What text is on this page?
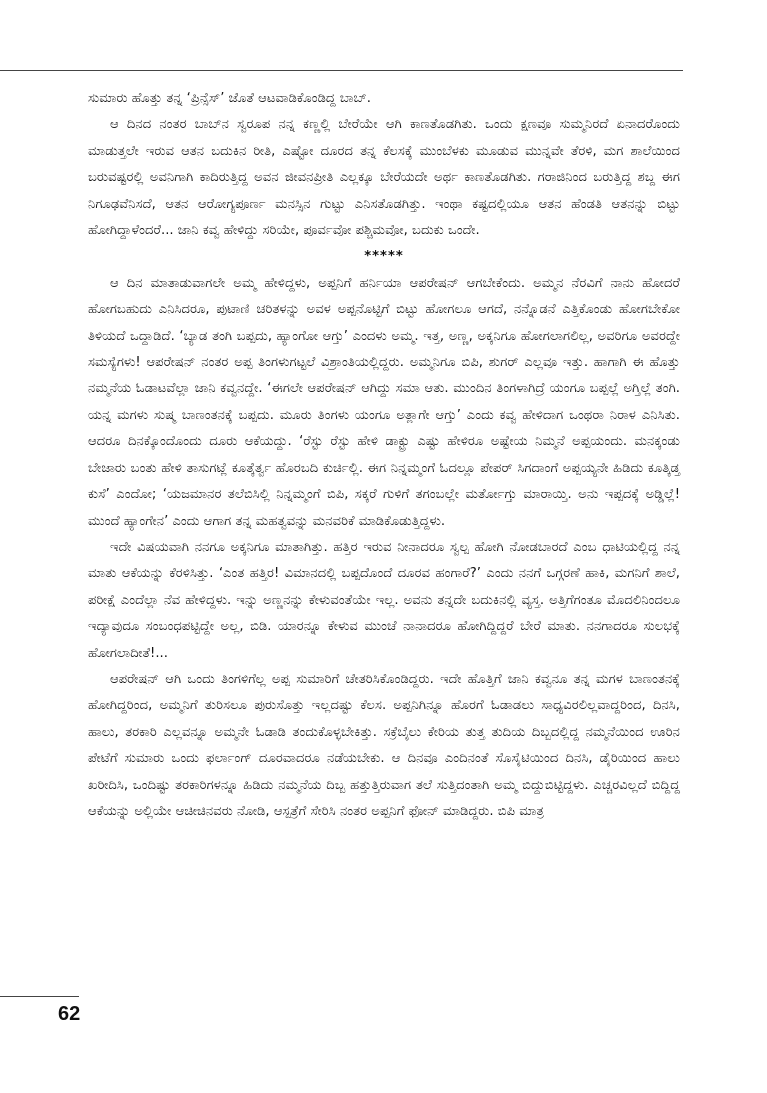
ಸುಮಾರು ಹೊತ್ತು ತನ್ನ ‘ಪ್ರಿನ್ಸೆಸ್’ ಜೊತೆ ಆಟವಾಡಿಕೊಂಡಿದ್ದ ಬಾಬ್.

ಆ ದಿನದ ನಂತರ ಬಾಬ್‌ನ ಸ್ವರೂಪ ನನ್ನ ಕಣ್ಣಲ್ಲಿ ಬೇರೆಯೇ ಆಗಿ ಕಾಣತೊಡಗಿತು. ಒಂದು ಕ್ಷಣವೂ ಸುಮ್ಮನಿರದೆ ಏನಾದರೊಂದು ಮಾಡುತ್ತಲೇ ಇರುವ ಆತನ ಬದುಕಿನ ರೀತಿ, ಎಷ್ಟೋ ದೂರದ ತನ್ನ ಕೆಲಸಕ್ಕೆ ಮುಂಬೆಳಕು ಮೂಡುವ ಮುನ್ನವೇ ತೆರಳಿ, ಮಗ ಶಾಲೆಯಿಂದ ಬರುವಷ್ಟರಲ್ಲಿ ಅವನಿಗಾಗಿ ಕಾದಿರುತ್ತಿದ್ದ ಅವನ ಜೀವನಪ್ರೀತಿ ಎಲ್ಲಕ್ಕೂ ಬೇರೆಯದೇ ಅರ್ಥ ಕಾಣತೊಡಗಿತು. ಗರಾಜಿನಿಂದ ಬರುತ್ತಿದ್ದ ಶಬ್ದ ಈಗ ನಿಗೂಢವೆನಿಸದೆ, ಆತನ ಆರೋಗ್ಯಪೂರ್ಣ ಮನಸ್ಸಿನ ಗುಟ್ಟು ಎನಿಸತೊಡಗಿತ್ತು. ಇಂಥಾ ಕಷ್ಟದಲ್ಲಿಯೂ ಆತನ ಹೆಂಡತಿ ಆತನನ್ನು ಬಿಟ್ಟು ಹೋಗಿದ್ದಾಳೆಂದರೆ... ಜಾನಿ ಕವ್ವ ಹೇಳಿದ್ದು ಸರಿಯೇ, ಪೂರ್ವವೋ ಪಶ್ಚಿಮವೋ, ಬದುಕು ಒಂದೇ.

*****

ಆ ದಿನ ಮಾತಾಡುವಾಗಲೇ ಅಮ್ಮ ಹೇಳಿದ್ದಳು, ಅಪ್ಪನಿಗೆ ಹರ್ನಿಯಾ ಆಪರೇಷನ್ ಆಗಬೇಕೆಂದು. ಅಮ್ಮನ ನೆರವಿಗೆ ನಾನು ಹೋದರೆ ಹೋಗಬಹುದು ಎನಿಸಿದರೂ, ಪುಟಾಣಿ ಚರಿತಳನ್ನು ಅವಳ ಅಪ್ಪನೊಟ್ಟಿಗೆ ಬಿಟ್ಟು ಹೋಗಲೂ ಆಗದೆ, ನನ್ನೊಡನೆ ಎತ್ತಿಕೊಂಡು ಹೋಗಬೇಕೋ ತಿಳಿಯದೆ ಒದ್ದಾಡಿದೆ. ‘ಬ್ಯಾಡ ತಂಗಿ ಬಪ್ಪದು, ಹ್ಯಾಂಗೋ ಆಗ್ತು’ ಎಂದಳು ಅಮ್ಮ. ಇತ್ತ, ಅಣ್ಣ, ಅಕ್ಕನಿಗೂ ಹೋಗಲಾಗಲಿಲ್ಲ, ಅವರಿಗೂ ಅವರದ್ದೇ ಸಮಸ್ಯೆಗಳು! ಆಪರೇಷನ್ ನಂತರ ಅಪ್ಪ ತಿಂಗಳುಗಟ್ಟಲೆ ವಿಶ್ರಾಂತಿಯಲ್ಲಿದ್ದರು. ಅಮ್ಮನಿಗೂ ಬಿಪಿ, ಶುಗರ್ ಎಲ್ಲವೂ ಇತ್ತು. ಹಾಗಾಗಿ ಈ ಹೊತ್ತು ನಮ್ಮನೆಯ ಓಡಾಟವೆಲ್ಲಾ ಜಾನಿ ಕವ್ವನದ್ದೇ. ‘ಈಗಲೇ ಆಪರೇಷನ್ ಆಗಿದ್ದು ಸಮಾ ಆತು. ಮುಂದಿನ ತಿಂಗಳಾಗಿದ್ರೆ ಯಂಗೂ ಬಪ್ಪಲ್ಲೆ ಅಗ್ತಿಲ್ಲೆ ತಂಗಿ. ಯನ್ನ ಮಗಳು ಸುಷ್ಮ ಬಾಣಂತನಕ್ಕೆ ಬಪ್ಪದು. ಮೂರು ತಿಂಗಳು ಯಂಗೂ ಅತ್ಲಾಗೇ ಆಗ್ತು’ ಎಂದು ಕವ್ವ ಹೇಳಿದಾಗ ಒಂಥರಾ ನಿರಾಳ ಎನಿಸಿತು. ಆದರೂ ದಿನಕ್ಕೊಂದೊಂದು ದೂರು ಆಕೆಯದ್ದು. ‘ರೆಸ್ಟು ರೆಸ್ಟು ಹೇಳಿ ಡಾಕ್ಟ್ರು ಎಷ್ಟು ಹೇಳಿರೂ ಅಷ್ಟೇಯ ನಿಮ್ಮನೆ ಅಪ್ಪಯಂದು. ಮನಕ್ಕಂಡು ಬೇಜಾರು ಬಂತು ಹೇಳಿ ತಾಸುಗಟ್ಲೆ ಕೂತ್ಕೆರ್ತ್ವ ಹೊರಬದಿ ಕುರ್ಚಿಲ್ಲಿ. ಈಗ ನಿನ್ನಮ್ಮಂಗೆ ಓದಲ್ಲೂ ಪೇಪರ್ ಸಿಗದಾಂಗೆ ಅಪ್ಪಯ್ಯನೇ ಹಿಡಿದು ಕೂತ್ಕಿಡ್ತ ಕುಸೆ’ ಎಂದೋ; ‘ಯಜಮಾನರ ತಲೆಬಿಸಿಲ್ಲಿ ನಿನ್ನಮ್ಮಂಗೆ ಬಿಪಿ, ಸಕ್ಕರೆ ಗುಳಿಗೆ ತಗಂಬಲ್ಲೇ ಮರ್ತೋಗ್ತು ಮಾರಾಯ್ತಿ. ಅನು ಇಪ್ಪದಕ್ಕೆ ಅಡ್ಡಿಲ್ಲೆ! ಮುಂದೆ ಹ್ಯಾಂಗೇನ’ ಎಂದು ಆಗಾಗ ತನ್ನ ಮಹತ್ವವನ್ನು ಮನವರಿಕೆ ಮಾಡಿಕೊಡುತ್ತಿದ್ದಳು.

ಇದೇ ವಿಷಯವಾಗಿ ನನಗೂ ಅಕ್ಕನಿಗೂ ಮಾತಾಗಿತ್ತು. ಹತ್ತಿರ ಇರುವ ನೀನಾದರೂ ಸ್ವಲ್ಪ ಹೋಗಿ ನೋಡಬಾರದೆ ಎಂಬ ಧಾಟಿಯಲ್ಲಿದ್ದ ನನ್ನ ಮಾತು ಆಕೆಯನ್ನು ಕೆರಳಿಸಿತ್ತು. ‘ಎಂತ ಹತ್ತಿರ! ವಿಮಾನದಲ್ಲಿ ಬಪ್ಪದೊಂದೆ ದೂರವ ಹಂಗಾರೆ?’ ಎಂದು ನನಗೆ ಒಗ್ಗರಣೆ ಹಾಕಿ, ಮಗನಿಗೆ ಶಾಲೆ, ಪರೀಕ್ಷೆ ಎಂದೆಲ್ಲಾ ನೆವ ಹೇಳಿದ್ದಳು. ಇನ್ನು ಅಣ್ಣನನ್ನು ಕೇಳುವಂತೆಯೇ ಇಲ್ಲ. ಅವನು ತನ್ನದೇ ಬದುಕಿನಲ್ಲಿ ವ್ಯಸ್ತ. ಅತ್ತಿಗೆಗಂತೂ ಮೊದಲಿನಿಂದಲೂ ಇದ್ಯಾವುದೂ ಸಂಬಂಧಪಟ್ಟಿದ್ದೇ ಅಲ್ಲ, ಬಿಡಿ. ಯಾರನ್ನೂ ಕೇಳುವ ಮುಂಚೆ ನಾನಾದರೂ ಹೋಗಿದ್ದಿದ್ದರೆ ಬೇರೆ ಮಾತು. ನನಗಾದರೂ ಸುಲಭಕ್ಕೆ ಹೋಗಲಾದೀತೆ!...

ಆಪರೇಷನ್ ಆಗಿ ಒಂದು ತಿಂಗಳಿಗೆಲ್ಲ ಅಪ್ಪ ಸುಮಾರಿಗೆ ಚೇತರಿಸಿಕೊಂಡಿದ್ದರು. ಇದೇ ಹೊತ್ತಿಗೆ ಜಾನಿ ಕವ್ವನೂ ತನ್ನ ಮಗಳ ಬಾಣಂತನಕ್ಕೆ ಹೋಗಿದ್ದರಿಂದ, ಅಮ್ಮನಿಗೆ ತುರಿಸಲೂ ಪುರುಸೊತ್ತು ಇಲ್ಲದಷ್ಟು ಕೆಲಸ. ಅಪ್ಪನಿಗಿನ್ನೂ ಹೊರಗೆ ಓಡಾಡಲು ಸಾಧ್ಯವಿರಲಿಲ್ಲವಾದ್ದರಿಂದ, ದಿನಸಿ, ಹಾಲು, ತರಕಾರಿ ಎಲ್ಲವನ್ನೂ ಅಮ್ಮನೇ ಓಡಾಡಿ ತಂದುಕೊಳ್ಳಬೇಕಿತ್ತು. ಸಕ್ರೆಬೈಲು ಕೇರಿಯ ತುತ್ತ ತುದಿಯ ದಿಬ್ಬದಲ್ಲಿದ್ದ ನಮ್ಮನೆಯಿಂದ ಊರಿನ ಪೇಟೆಗೆ ಸುಮಾರು ಒಂದು ಫರ್ಲಾಂಗ್ ದೂರವಾದರೂ ನಡೆಯಬೇಕು. ಆ ದಿನವೂ ಎಂದಿನಂತೆ ಸೊಸೈಟಿಯಿಂದ ದಿನಸಿ, ಡೈರಿಯಿಂದ ಹಾಲು ಖರೀದಿಸಿ, ಒಂದಿಷ್ಟು ತರಕಾರಿಗಳನ್ನೂ ಹಿಡಿದು ನಮ್ಮನೆಯ ದಿಬ್ಬ ಹತ್ತುತ್ತಿರುವಾಗ ತಲೆ ಸುತ್ತಿದಂತಾಗಿ ಅಮ್ಮ ಬಿದ್ದುಬಿಟ್ಟಿದ್ದಳು. ಎಚ್ಚರವಿಲ್ಲದೆ ಬಿದ್ದಿದ್ದ ಆಕೆಯನ್ನು ಅಲ್ಲಿಯೇ ಆಚೀಚಿನವರು ನೋಡಿ, ಆಸ್ಪತ್ರೆಗೆ ಸೇರಿಸಿ ನಂತರ ಅಪ್ಪನಿಗೆ ಫೋನ್ ಮಾಡಿದ್ದರು. ಬಿಪಿ ಮಾತ್ರ

62
